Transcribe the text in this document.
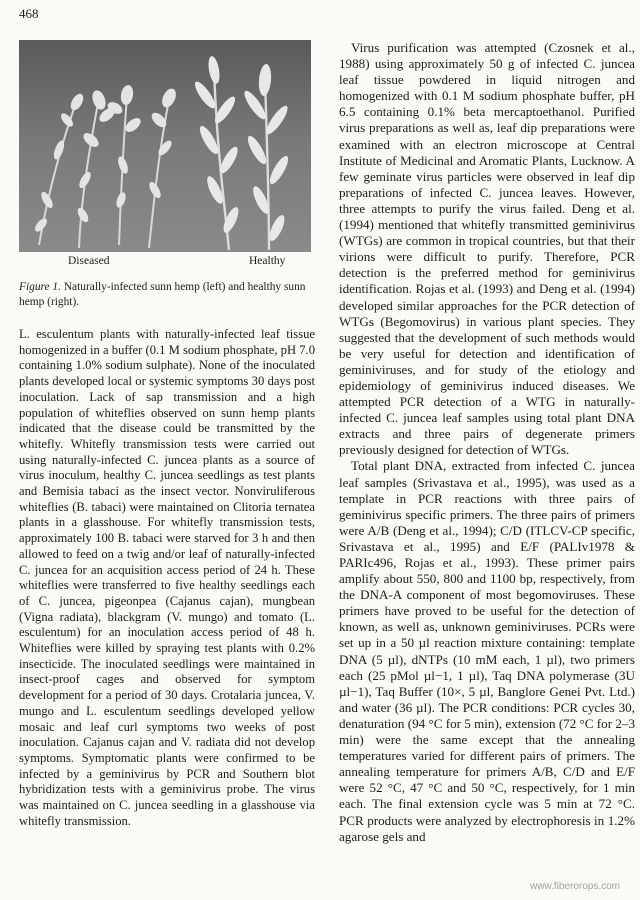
468
Diseased	Healthy
Figure 1. Naturally-infected sunn hemp (left) and healthy sunn hemp (right).

L. esculentum plants with naturally-infected leaf tissue homogenized in a buffer (0.1 M sodium phosphate, pH 7.0 containing 1.0% sodium sulphate). None of the inoculated plants developed local or systemic symptoms 30 days post inoculation. Lack of sap transmission and a high population of whiteflies observed on sunn hemp plants indicated that the disease could be transmitted by the whitefly. Whitefly transmission tests were carried out using naturally-infected C. juncea plants as a source of virus inoculum, healthy C. juncea seedlings as test plants and Bemisia tabaci as the insect vector. Nonviruliferous whiteflies (B. tabaci) were maintained on Clitoria ternatea plants in a glasshouse. For whitefly transmission tests, approximately 100 B. tabaci were starved for 3 h and then allowed to feed on a twig and/or leaf of naturally-infected C. juncea for an acquisition access period of 24 h. These whiteflies were transferred to five healthy seedlings each of C. juncea, pigeonpea (Cajanus cajan), mungbean (Vigna radiata), blackgram (V. mungo) and tomato (L. esculentum) for an inoculation access period of 48 h. Whiteflies were killed by spraying test plants with 0.2% insecticide. The inoculated seedlings were maintained in insect-proof cages and observed for symptom development for a period of 30 days. Crotalaria juncea, V. mungo and L. esculentum seedlings developed yellow mosaic and leaf curl symptoms two weeks of post inoculation. Cajanus cajan and V. radiata did not develop symptoms. Symptomatic plants were confirmed to be infected by a geminivirus by PCR and Southern blot hybridization tests with a geminivirus probe. The virus was maintained on C. juncea seedling in a glasshouse via whitefly transmission.

Virus purification was attempted (Czosnek et al., 1988) using approximately 50 g of infected C. juncea leaf tissue powdered in liquid nitrogen and homogenized with 0.1 M sodium phosphate buffer, pH 6.5 containing 0.1% beta mercaptoethanol. Purified virus preparations as well as, leaf dip preparations were examined with an electron microscope at Central Institute of Medicinal and Aromatic Plants, Lucknow. A few geminate virus particles were observed in leaf dip preparations of infected C. juncea leaves. However, three attempts to purify the virus failed. Deng et al. (1994) mentioned that whitefly transmitted geminivirus (WTGs) are common in tropical countries, but that their virions were difficult to purify. Therefore, PCR detection is the preferred method for geminivirus identification. Rojas et al. (1993) and Deng et al. (1994) developed similar approaches for the PCR detection of WTGs (Begomovirus) in various plant species. They suggested that the development of such methods would be very useful for detection and identification of geminiviruses, and for study of the etiology and epidemiology of geminivirus induced diseases. We attempted PCR detection of a WTG in naturally-infected C. juncea leaf samples using total plant DNA extracts and three pairs of degenerate primers previously designed for detection of WTGs.

Total plant DNA, extracted from infected C. juncea leaf samples (Srivastava et al., 1995), was used as a template in PCR reactions with three pairs of geminivirus specific primers. The three pairs of primers were A/B (Deng et al., 1994); C/D (ITLCV-CP specific, Srivastava et al., 1995) and E/F (PALIv1978 & PARIc496, Rojas et al., 1993). These primer pairs amplify about 550, 800 and 1100 bp, respectively, from the DNA-A component of most begomoviruses. These primers have proved to be useful for the detection of known, as well as, unknown geminiviruses. PCRs were set up in a 50 µl reaction mixture containing: template DNA (5 µl), dNTPs (10 mM each, 1 µl), two primers each (25 pMol µl−1, 1 µl), Taq DNA polymerase (3U µl−1), Taq Buffer (10×, 5 µl, Banglore Genei Pvt. Ltd.) and water (36 µl). The PCR conditions: PCR cycles 30, denaturation (94 °C for 5 min), extension (72 °C for 2–3 min) were the same except that the annealing temperatures varied for different pairs of primers. The annealing temperature for primers A/B, C/D and E/F were 52 °C, 47 °C and 50 °C, respectively, for 1 min each. The final extension cycle was 5 min at 72 °C. PCR products were analyzed by electrophoresis in 1.2% agarose gels and

www.fiberorops.com
